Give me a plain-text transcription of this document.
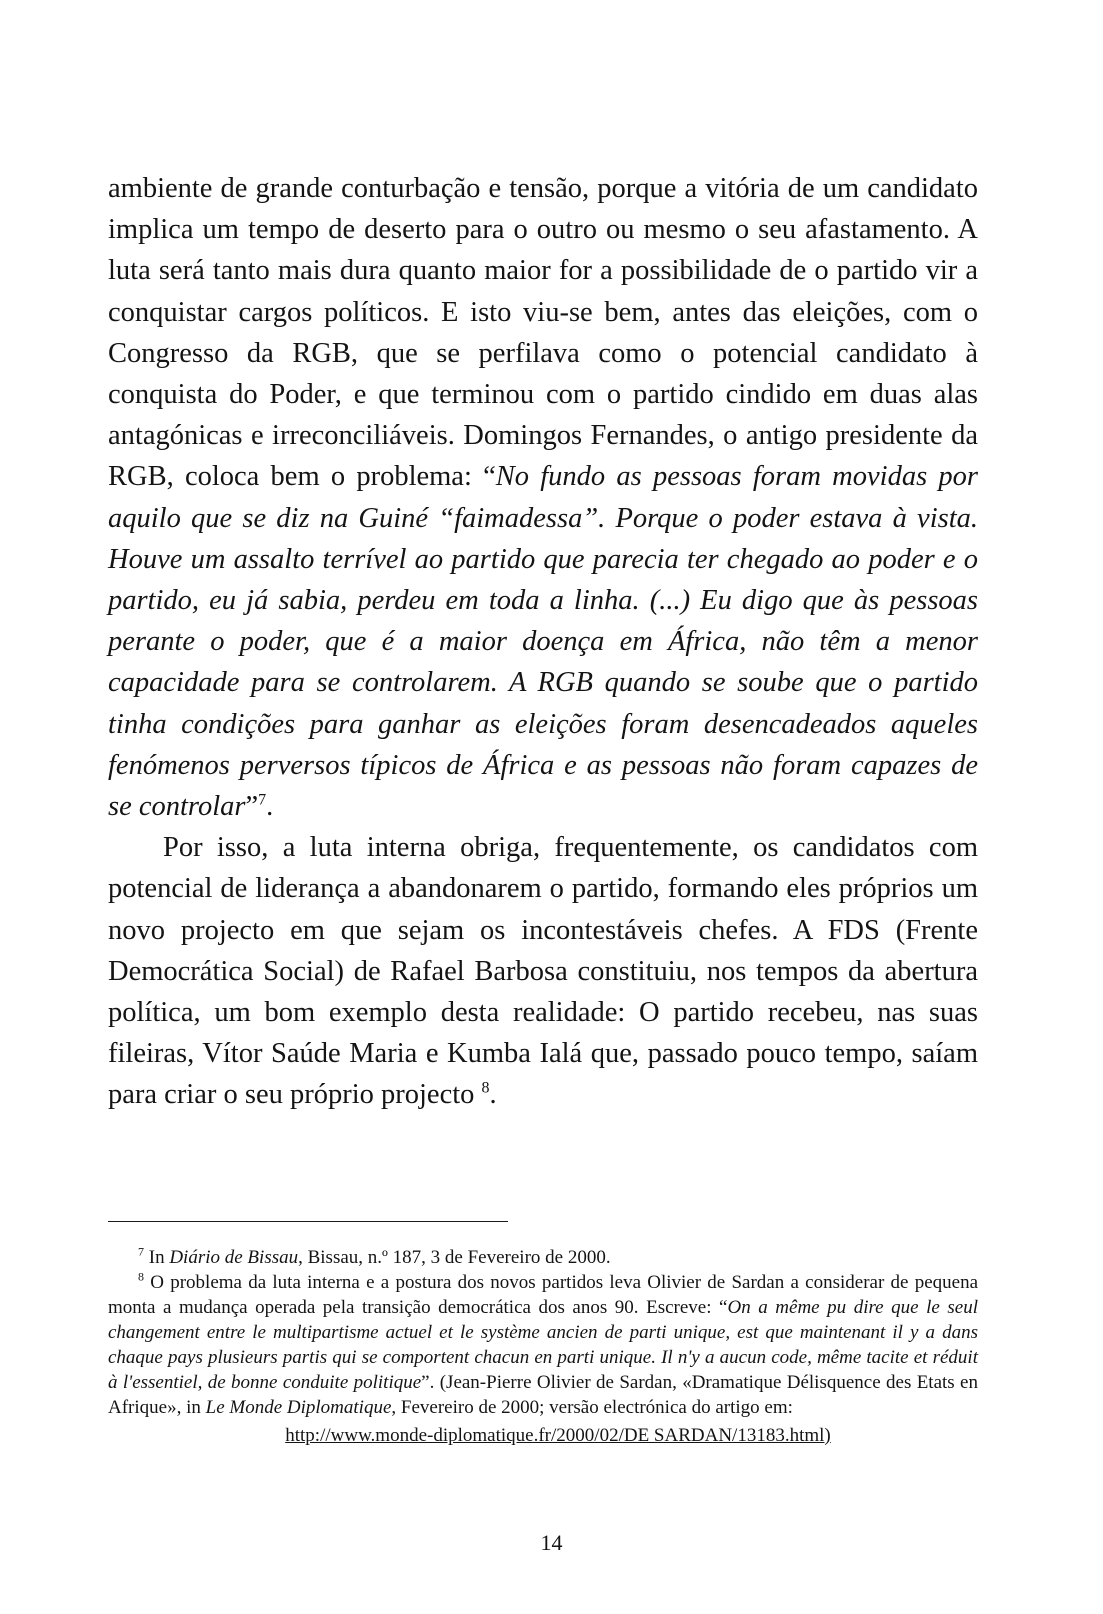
ambiente de grande conturbação e tensão, porque a vitória de um candidato implica um tempo de deserto para o outro ou mesmo o seu afastamento. A luta será tanto mais dura quanto maior for a possibilidade de o partido vir a conquistar cargos políticos. E isto viu-se bem, antes das eleições, com o Congresso da RGB, que se perfilava como o potencial candidato à conquista do Poder, e que terminou com o partido cindido em duas alas antagónicas e irreconciliáveis. Domingos Fernandes, o antigo presidente da RGB, coloca bem o problema: “No fundo as pessoas foram movidas por aquilo que se diz na Guiné “faimadessa”. Porque o poder estava à vista. Houve um assalto terrível ao partido que parecia ter chegado ao poder e o partido, eu já sabia, perdeu em toda a linha. (...) Eu digo que às pessoas perante o poder, que é a maior doença em África, não têm a menor capacidade para se controlarem. A RGB quando se soube que o partido tinha condições para ganhar as eleições foram desencadeados aqueles fenómenos perversos típicos de África e as pessoas não foram capazes de se controlar”$^7$.

Por isso, a luta interna obriga, frequentemente, os candidatos com potencial de liderança a abandonarem o partido, formando eles próprios um novo projecto em que sejam os incontestáveis chefes. A FDS (Frente Democrática Social) de Rafael Barbosa constituiu, nos tempos da abertura política, um bom exemplo desta realidade: O partido recebeu, nas suas fileiras, Vítor Saúde Maria e Kumba Ialá que, passado pouco tempo, saíam para criar o seu próprio projecto $^8$.

$^7$ In Diário de Bissau, Bissau, n.º 187, 3 de Fevereiro de 2000.

$^8$ O problema da luta interna e a postura dos novos partidos leva Olivier de Sardan a considerar de pequena monta a mudança operada pela transição democrática dos anos 90. Escreve: “On a même pu dire que le seul changement entre le multipartisme actuel et le système ancien de parti unique, est que maintenant il y a dans chaque pays plusieurs partis qui se comportent chacun en parti unique. Il n'y a aucun code, même tacite et réduit à l'essentiel, de bonne conduite politique”. (Jean-Pierre Olivier de Sardan, «Dramatique Délisquence des Etats en Afrique», in Le Monde Diplomatique, Fevereiro de 2000; versão electrónica do artigo em:
http://www.monde-diplomatique.fr/2000/02/DE SARDAN/13183.html)

14
